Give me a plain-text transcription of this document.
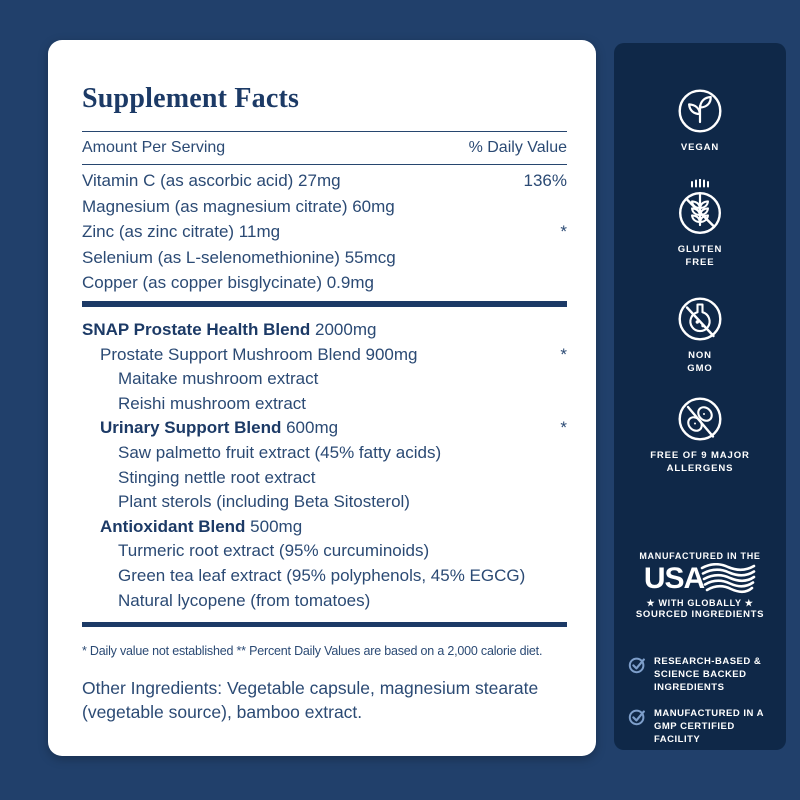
Supplement Facts
Amount Per Serving	% Daily Value
Vitamin C (as ascorbic acid) 27mg	136%
Magnesium (as magnesium citrate) 60mg
Zinc (as zinc citrate) 11mg	*
Selenium (as L-selenomethionine) 55mcg
Copper (as copper bisglycinate) 0.9mg
SNAP Prostate Health Blend 2000mg
Prostate Support Mushroom Blend 900mg	*
Maitake mushroom extract
Reishi mushroom extract
Urinary Support Blend 600mg	*
Saw palmetto fruit extract (45% fatty acids)
Stinging nettle root extract
Plant sterols (including Beta Sitosterol)
Antioxidant Blend 500mg
Turmeric root extract (95% curcuminoids)
Green tea leaf extract (95% polyphenols, 45% EGCG)
Natural lycopene (from tomatoes)
* Daily value not established ** Percent Daily Values are based on a 2,000 calorie diet.
Other Ingredients: Vegetable capsule, magnesium stearate (vegetable source), bamboo extract.
VEGAN
GLUTEN FREE
NON GMO
FREE OF 9 MAJOR ALLERGENS
MANUFACTURED IN THE
USA
★ WITH GLOBALLY ★
SOURCED INGREDIENTS
RESEARCH-BASED & SCIENCE BACKED INGREDIENTS
MANUFACTURED IN A GMP CERTIFIED FACILITY
